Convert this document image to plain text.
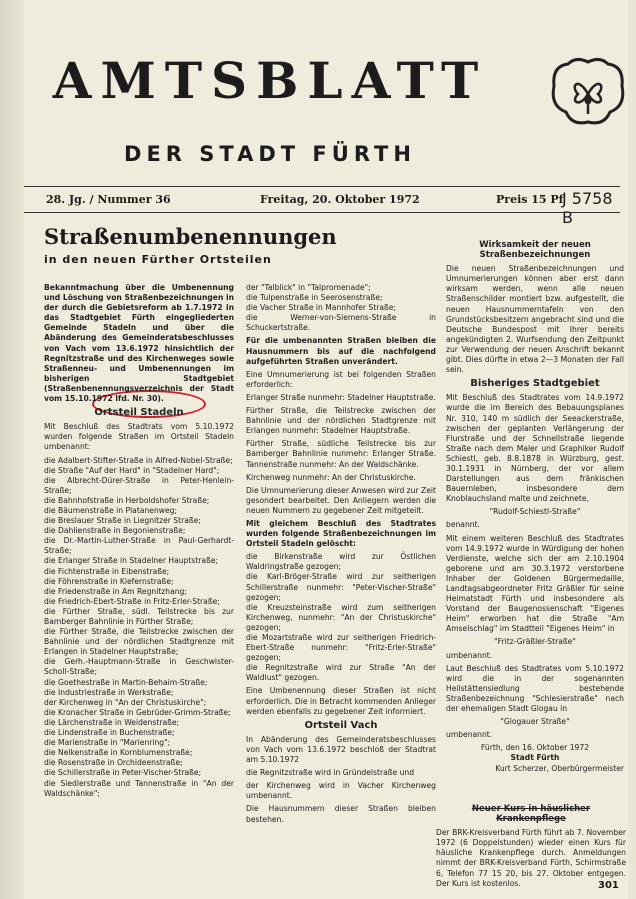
AMTSBLATT
DER STADT FÜRTH
28. Jg. / Nummer 36	Freitag, 20. Oktober 1972	Preis 15 Pf
J 5758 B
Straßenumbenennungen
in den neuen Fürther Ortsteilen

Bekanntmachung über die Umbenennung und Löschung von Straßenbezeichnungen in der durch die Gebietsreform ab 1.7.1972 in das Stadtgebiet Fürth eingegliederten Gemeinde Stadeln und über die Abänderung des Gemeinderatsbeschlusses von Vach vom 13.6.1972 hinsichtlich der Regnitzstraße und des Kirchenweges sowie Straßenneu- und Umbenennungen im bisherigen Stadtgebiet (Straßenbenennungsverzeichnis der Stadt vom 15.10.1972 lfd. Nr. 30).

Ortsteil Stadeln

Mit Beschluß des Stadtrats vom 5.10.1972 wurden folgende Straßen im Ortsteil Stadeln umbenannt:

die Adalbert-Stifter-Straße in Alfred-Nobel-Straße;

die Straße "Auf der Hard" in "Stadelner Hard";

die Albrecht-Dürer-Straße in Peter-Henlein-Straße;

die Bahnhofstraße in Herboldshofer Straße;

die Bäumenstraße in Platanenweg;

die Breslauer Straße in Liegnitzer Straße;

die Dahlienstraße in Begonienstraße;

die Dr.-Martin-Luther-Straße in Paul-Gerhardt-Straße;

die Erlanger Straße in Stadelner Hauptstraße;

die Fichtenstraße in Eibenstraße;

die Föhrenstraße in Kiefernstraße;

die Friedenstraße in Am Regnitzhang;

die Friedrich-Ebert-Straße in Fritz-Erler-Straße;

die Fürther Straße, südl. Teilstrecke bis zur Bamberger Bahnlinie in Fürther Straße;

die Fürther Straße, die Teilstrecke zwischen der Bahnlinie und der nördlichen Stadtgrenze mit Erlangen in Stadelner Hauptstraße;

die Gerh.-Hauptmann-Straße in Geschwister-Scholl-Straße;

die Goethestraße in Martin-Behaim-Straße;

die Industriestraße in Werkstraße;

der Kirchenweg in "An der Christuskirche";

die Kronacher Straße in Gebrüder-Grimm-Straße;

die Lärchenstraße in Weidenstraße;

die Lindenstraße in Buchenstraße;

die Marienstraße in "Marienring";

die Nelkenstraße in Kornblumenstraße;

die Rosenstraße in Orchideenstraße;

die Schillerstraße in Peter-Vischer-Straße;

die Siedlerstraße und Tannenstraße in "An der Waldschänke";

der "Talblick" in "Talpromenade";

die Tulpenstraße in Seerosenstraße;

die Vacher Straße in Mannhofer Straße;

die Werner-von-Siemens-Straße in Schuckertstraße.

Für die umbenannten Straßen bleiben die Hausnummern bis auf die nachfolgend aufgeführten Straßen unverändert.

Eine Umnumerierung ist bei folgenden Straßen erforderlich:

Erlanger Straße nunmehr: Stadelner Hauptstraße.

Fürther Straße, die Teilstrecke zwischen der Bahnlinie und der nördlichen Stadtgrenze mit Erlangen nunmehr: Stadelner Hauptstraße.

Fürther Straße, südliche Teilstrecke bis zur Bamberger Bahnlinie nunmehr: Erlanger Straße. Tannenstraße nunmehr: An der Waldschänke.

Kirchenweg nunmehr: An der Christuskirche.

Die Umnumerierung dieser Anwesen wird zur Zeit gesondert bearbeitet. Den Anliegern werden die neuen Nummern zu gegebener Zeit mitgeteilt.

Mit gleichem Beschluß des Stadtrates wurden folgende Straßenbezeichnungen im Ortsteil Stadeln gelöscht:

die Birkenstraße wird zur Östlichen Waldringstraße gezogen;

die Karl-Bröger-Straße wird zur seitherigen Schillerstraße nunmehr: "Peter-Vischer-Straße" gezogen;

die Kreuzsteinstraße wird zum seitherigen Kirchenweg, nunmehr: "An der Christuskirche" gezogen;

die Mozartstraße wird zur seitherigen Friedrich-Ebert-Straße nunmehr: "Fritz-Erler-Straße" gezogen;

die Regnitzstraße wird zur Straße "An der Waldlust" gezogen.

Eine Umbenennung dieser Straßen ist nicht erforderlich. Die in Betracht kommenden Anlieger werden ebenfalls zu gegebener Zeit informiert.

Ortsteil Vach

In Abänderung des Gemeinderatsbeschlusses von Vach vom 13.6.1972 beschloß der Stadtrat am 5.10.1972

die Regnitzstraße wird in Gründelstraße und

der Kirchenweg wird in Vacher Kirchenweg umbenannt.

Die Hausnummern dieser Straßen bleiben bestehen.

Wirksamkeit der neuen Straßenbezeichnungen

Die neuen Straßenbezeichnungen und Umnumerierungen können aber erst dann wirksam werden, wenn alle neuen Straßenschilder montiert bzw. aufgestellt, die neuen Hausnummerntafeln von den Grundstücksbesitzern angebracht sind und die Deutsche Bundespost mit Ihrer bereits angekündigten 2. Wurfsendung den Zeitpunkt zur Verwendung der neuen Anschrift bekannt gibt. Dies dürfte in etwa 2—3 Monaten der Fall sein.

Bisheriges Stadtgebiet

Mit Beschluß des Stadtrates vom 14.9.1972 wurde die im Bereich des Bebauungsplanes Nr. 310, 140 m südlich der Seeackerstraße, zwischen der geplanten Verlängerung der Flurstraße und der Schnellstraße liegende Straße nach dem Maler und Graphiker Rudolf Schiestl, geb. 8.8.1878 in Würzburg, gest. 30.1.1931 in Nürnberg, der vor allem Darstellungen aus dem fränkischen Bauernleben, insbesondere dem Knoblauchsland malte und zeichnete,

"Rudolf-Schiestl-Straße"

benannt.

Mit einem weiteren Beschluß des Stadtrates vom 14.9.1972 wurde in Würdigung der hohen Verdienste, welche sich der am 2.10.1904 geborene und am 30.3.1972 verstorbene Inhaber der Goldenen Bürgermedaille, Landtagsabgeordneter Fritz Gräßler für seine Heimatstadt Fürth und insbesondere als Vorstand der Baugenossenschaft "Eigenes Heim" erworben hat die Straße "Am Amselschlag" im Stadtteil "Eigenes Heim" in

"Fritz-Gräßler-Straße"

umbenannt.

Laut Beschluß des Stadtrates vom 5.10.1972 wird die in der sogenannten Heilstättensiedlung bestehende Straßenbezeichnung "Schlesierstraße" nach der ehemaligen Stadt Glogau in

"Glogauer Straße"

umbenannt.

Fürth, den 16. Oktober 1972

Stadt Fürth

Kurt Scherzer, Oberbürgermeister

Neuer Kurs in häuslicher Krankenpflege

Der BRK-Kreisverband Fürth führt ab 7. November 1972 (6 Doppelstunden) wieder einen Kurs für häusliche Krankenpflege durch. Anmeldungen nimmt der BRK-Kreisverband Fürth, Schirmstraße 6, Telefon 77 15 20, bis 27. Oktober entgegen. Der Kurs ist kostenlos.	301
